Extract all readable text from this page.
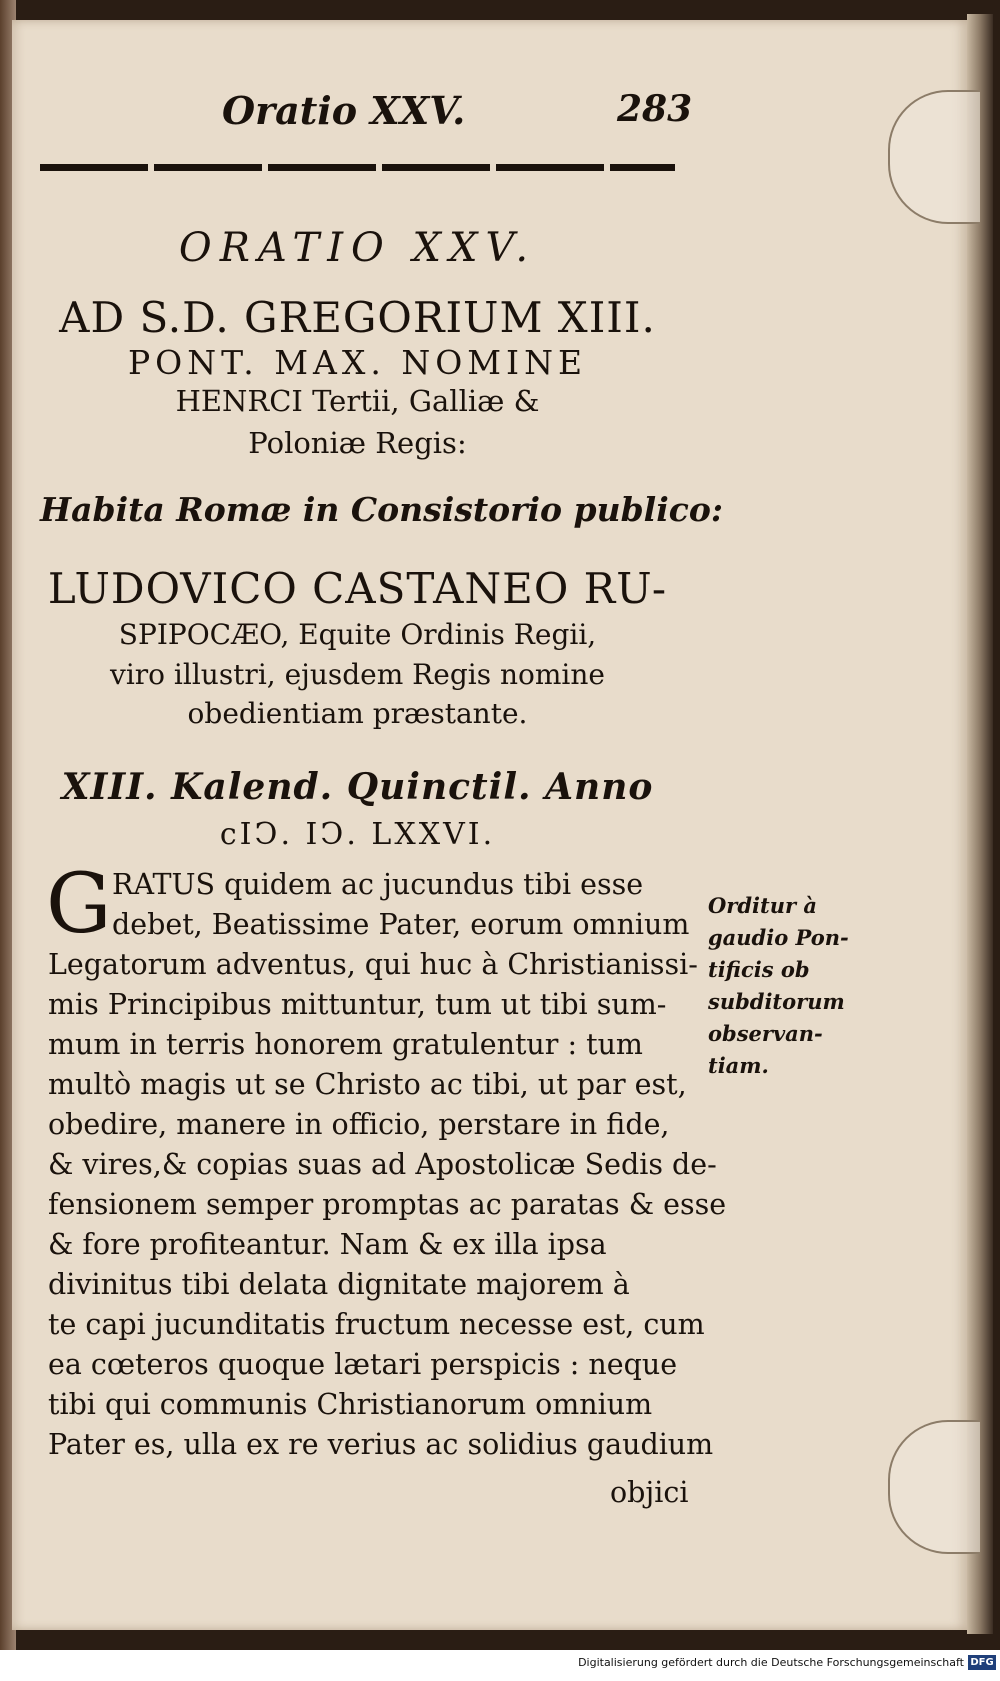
Oratio XXV.	283
ORATIO XXV.
AD S.D. GREGORIUM XIII.
PONT. MAX. NOMINE
HENRCI Tertii, Galliæ &
Poloniæ Regis:
Habita Romæ in Consistorio publico:
LUDOVICO CASTANEO RU-
SPIPOCÆO, Equite Ordinis Regii,
viro illustri, ejusdem Regis nomine
obedientiam præstante.
XIII. Kalend. Quinctil. Anno
cIↃ. IↃ. LXXVI.
G RATUS quidem ac jucundus tibi esse
debet, Beatissime Pater, eorum omnium
Legatorum adventus, qui huc à Christianissi-
mis Principibus mittuntur, tum ut tibi sum-
mum in terris honorem gratulentur : tum
multò magis ut se Christo ac tibi, ut par est,
obedire, manere in officio, perstare in fide,
& vires,& copias suas ad Apostolicæ Sedis de-
fensionem semper promptas ac paratas & esse
& fore profiteantur. Nam & ex illa ipsa
divinitus tibi delata dignitate majorem à
te capi jucunditatis fructum necesse est, cum
ea cœteros quoque lætari perspicis : neque
tibi qui communis Christianorum omnium
Pater es, ulla ex re verius ac solidius gaudium
objici
Orditur à
gaudio Pon-
tificis ob
subditorum
observan-
tiam.
Digitalisierung gefördert durch die Deutsche Forschungsgemeinschaft DFG
